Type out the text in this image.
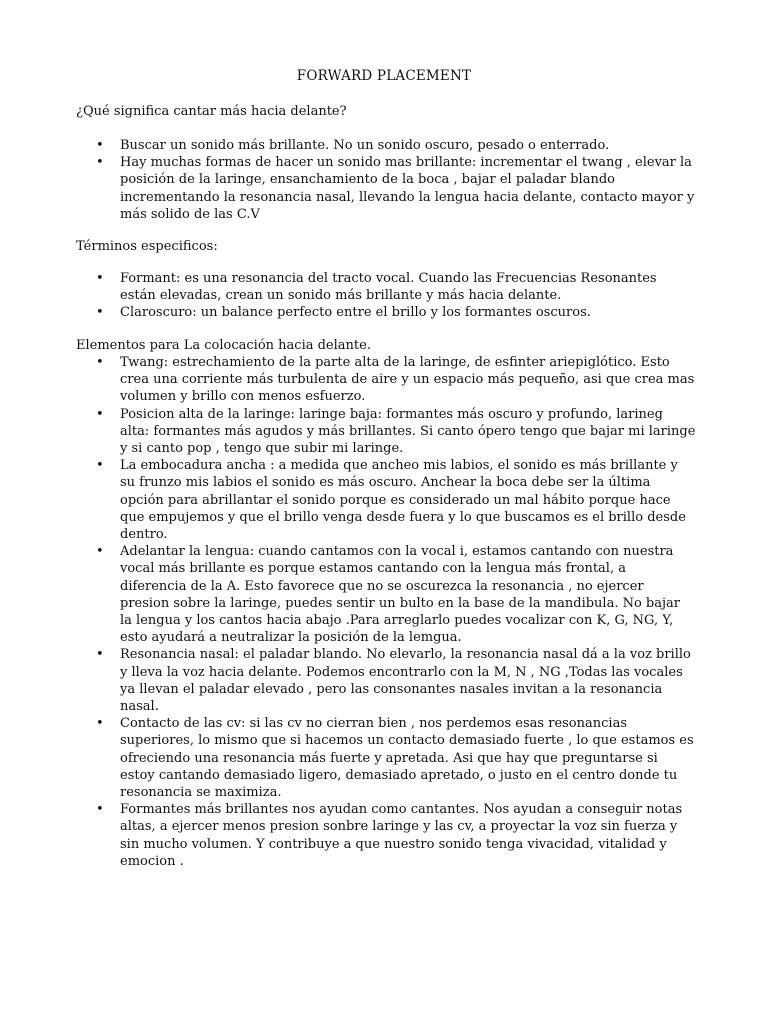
FORWARD PLACEMENT
¿Qué significa cantar más hacia delante?
• Buscar un sonido más brillante. No un sonido oscuro, pesado o enterrado.
• Hay muchas formas de hacer un sonido mas brillante: incrementar el twang , elevar la posición de la laringe, ensanchamiento de la boca , bajar el paladar blando incrementando la resonancia nasal, llevando la lengua hacia delante, contacto mayor y más solido de las C.V
Términos especificos:
• Formant: es una resonancia del tracto vocal. Cuando las Frecuencias Resonantes están elevadas, crean un sonido más brillante y más hacia delante.
• Claroscuro: un balance perfecto entre el brillo y los formantes oscuros.
Elementos para La colocación hacia delante.
• Twang: estrechamiento de la parte alta de la laringe, de esfinter ariepiglótico. Esto crea una corriente más turbulenta de aire y un espacio más pequeño, asi que crea mas volumen y brillo con menos esfuerzo.
• Posicion alta de la laringe: laringe baja: formantes más oscuro y profundo, larineg alta: formantes más agudos y más brillantes. Si canto ópero tengo que bajar mi laringe y si canto pop , tengo que subir mi laringe.
• La embocadura ancha : a medida que ancheo mis labios, el sonido es más brillante y su frunzo mis labios el sonido es más oscuro. Anchear la boca debe ser la última opción para abrillantar el sonido porque es considerado un mal hábito porque hace que empujemos y que el brillo venga desde fuera y lo que buscamos es el brillo desde dentro.
• Adelantar la lengua: cuando cantamos con la vocal i, estamos cantando con nuestra vocal más brillante es porque estamos cantando con la lengua más frontal, a diferencia de la A. Esto favorece que no se oscurezca la resonancia , no ejercer presion sobre la laringe, puedes sentir un bulto en la base de la mandibula. No bajar la lengua y los cantos hacia abajo .Para arreglarlo puedes vocalizar con K, G, NG, Y, esto ayudará a neutralizar la posición de la lemgua.
• Resonancia nasal: el paladar blando. No elevarlo, la resonancia nasal dá a la voz brillo y lleva la voz hacia delante. Podemos encontrarlo con la M, N , NG ,Todas las vocales ya llevan el paladar elevado , pero las consonantes nasales invitan a la resonancia nasal.
• Contacto de las cv: si las cv no cierran bien , nos perdemos esas resonancias superiores, lo mismo que si hacemos un contacto demasiado fuerte , lo que estamos es ofreciendo una resonancia más fuerte y apretada. Asi que hay que preguntarse si estoy cantando demasiado ligero, demasiado apretado, o justo en el centro donde tu resonancia se maximiza.
• Formantes más brillantes nos ayudan como cantantes. Nos ayudan a conseguir notas altas, a ejercer menos presion sonbre laringe y las cv, a proyectar la voz sin fuerza y sin mucho volumen. Y contribuye a que nuestro sonido tenga vivacidad, vitalidad y emocion .
